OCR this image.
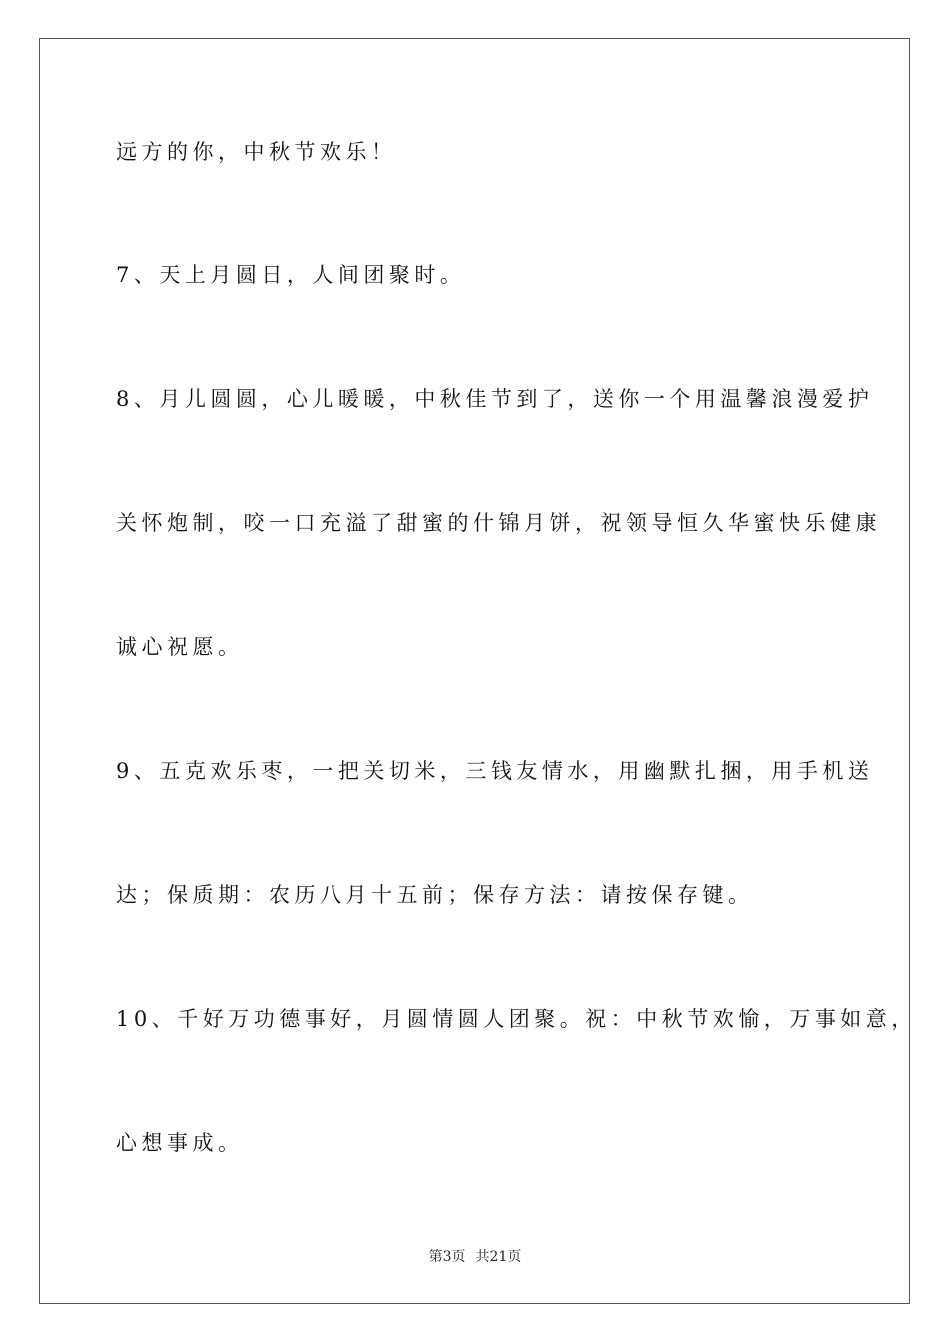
远方的你，中秋节欢乐！
7、天上月圆日，人间团聚时。
8、月儿圆圆，心儿暖暖，中秋佳节到了，送你一个用温馨浪漫爱护
关怀炮制，咬一口充溢了甜蜜的什锦月饼，祝领导恒久华蜜快乐健康
诚心祝愿。
9、五克欢乐枣，一把关切米，三钱友情水，用幽默扎捆，用手机送
达；保质期：农历八月十五前；保存方法：请按保存键。
10、千好万功德事好，月圆情圆人团聚。祝：中秋节欢愉，万事如意，
心想事成。
第3页 共21页
